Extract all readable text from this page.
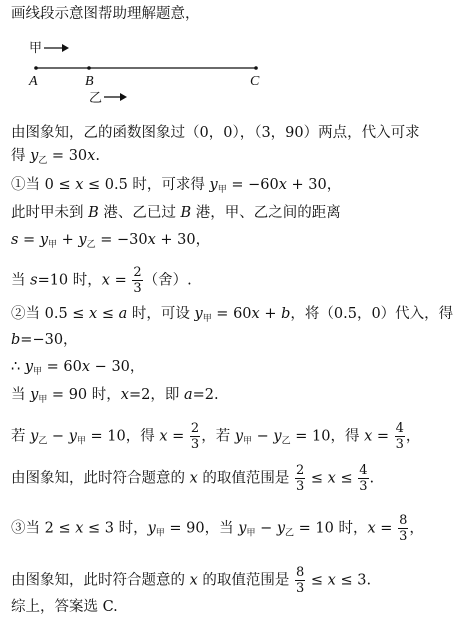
画线段示意图帮助理解题意，
甲
A	B	C
乙
由图象知，乙的函数图象过（0，0），（3，90）两点，代入可求
得 $y_乙 = 30x$.
①当 0 ≤ x ≤ 0.5 时，可求得 $y_甲 = -60x + 30$，
此时甲未到 B 港、乙已过 B 港，甲、乙之间的距离
$s = y_甲 + y_乙 = -30x + 30$，
当 s=10 时，$x = \frac{2}{3}$ （舍）.
②当 0.5 ≤ x ≤ a 时，可设 $y_甲 = 60x + b$，将（0.5，0）代入，得
b=−30，
∴ $y_甲 = 60x - 30$，
当 $y_甲 = 90$ 时，x=2，即 a=2.
若 $y_乙 - y_甲 = 10$，得 $x = \frac{2}{3}$ ，若 $y_甲 - y_乙 = 10$，得 $x = \frac{4}{3}$ ，
由图象知，此时符合题意的 x 的取值范围是 $\frac{2}{3} \le x \le \frac{4}{3}$ .
③当 2 ≤ x ≤ 3 时，$y_甲 = 90$，当 $y_甲 - y_乙 = 10$ 时，$x = \frac{8}{3}$ ，
由图象知，此时符合题意的 x 的取值范围是 $\frac{8}{3} \le x \le 3$.
综上，答案选 C.
